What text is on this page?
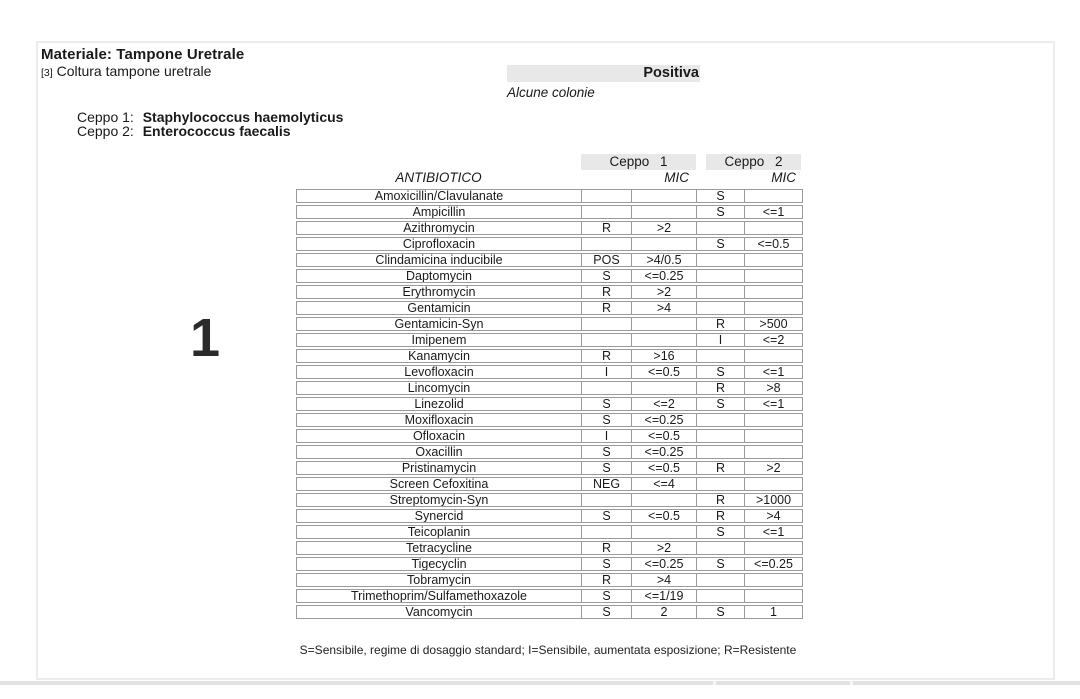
Materiale: Tampone Uretrale
[3] Coltura tampone uretrale	Positiva
Alcune colonie
Ceppo 1: Staphylococcus haemolyticus
Ceppo 2: Enterococcus faecalis
1
Ceppo 1	Ceppo 2
ANTIBIOTICO	MIC	MIC
Amoxicillin/Clavulanate			S	
Ampicillin			S	<=1
Azithromycin	R	>2		
Ciprofloxacin			S	<=0.5
Clindamicina inducibile	POS	>4/0.5		
Daptomycin	S	<=0.25		
Erythromycin	R	>2		
Gentamicin	R	>4		
Gentamicin-Syn			R	>500
Imipenem			I	<=2
Kanamycin	R	>16		
Levofloxacin	I	<=0.5	S	<=1
Lincomycin			R	>8
Linezolid	S	<=2	S	<=1
Moxifloxacin	S	<=0.25		
Ofloxacin	I	<=0.5		
Oxacillin	S	<=0.25		
Pristinamycin	S	<=0.5	R	>2
Screen Cefoxitina	NEG	<=4		
Streptomycin-Syn			R	>1000
Synercid	S	<=0.5	R	>4
Teicoplanin			S	<=1
Tetracycline	R	>2		
Tigecyclin	S	<=0.25	S	<=0.25
Tobramycin	R	>4		
Trimethoprim/Sulfamethoxazole	S	<=1/19		
Vancomycin	S	2	S	1
S=Sensibile, regime di dosaggio standard; I=Sensibile, aumentata esposizione; R=Resistente
